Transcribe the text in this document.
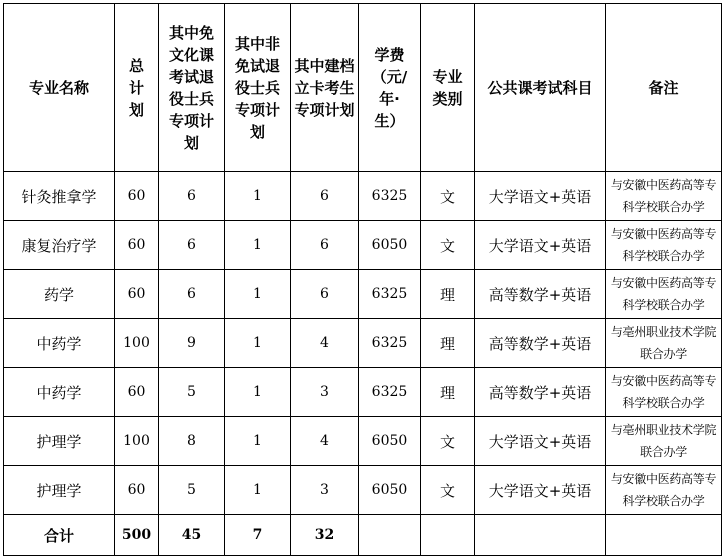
专业名称	总计划	其中免文化课考试退役士兵专项计划	其中非免试退役士兵专项计划	其中建档立卡考生专项计划	学费（元/年·生）	专业类别	公共课考试科目	备注
针灸推拿学	60	6	1	6	6325	文	大学语文+英语	与安徽中医药高等专科学校联合办学
康复治疗学	60	6	1	6	6050	文	大学语文+英语	与安徽中医药高等专科学校联合办学
药学	60	6	1	6	6325	理	高等数学+英语	与安徽中医药高等专科学校联合办学
中药学	100	9	1	4	6325	理	高等数学+英语	与亳州职业技术学院联合办学
中药学	60	5	1	3	6325	理	高等数学+英语	与安徽中医药高等专科学校联合办学
护理学	100	8	1	4	6050	文	大学语文+英语	与亳州职业技术学院联合办学
护理学	60	5	1	3	6050	文	大学语文+英语	与安徽中医药高等专科学校联合办学
合计	500	45	7	32				
